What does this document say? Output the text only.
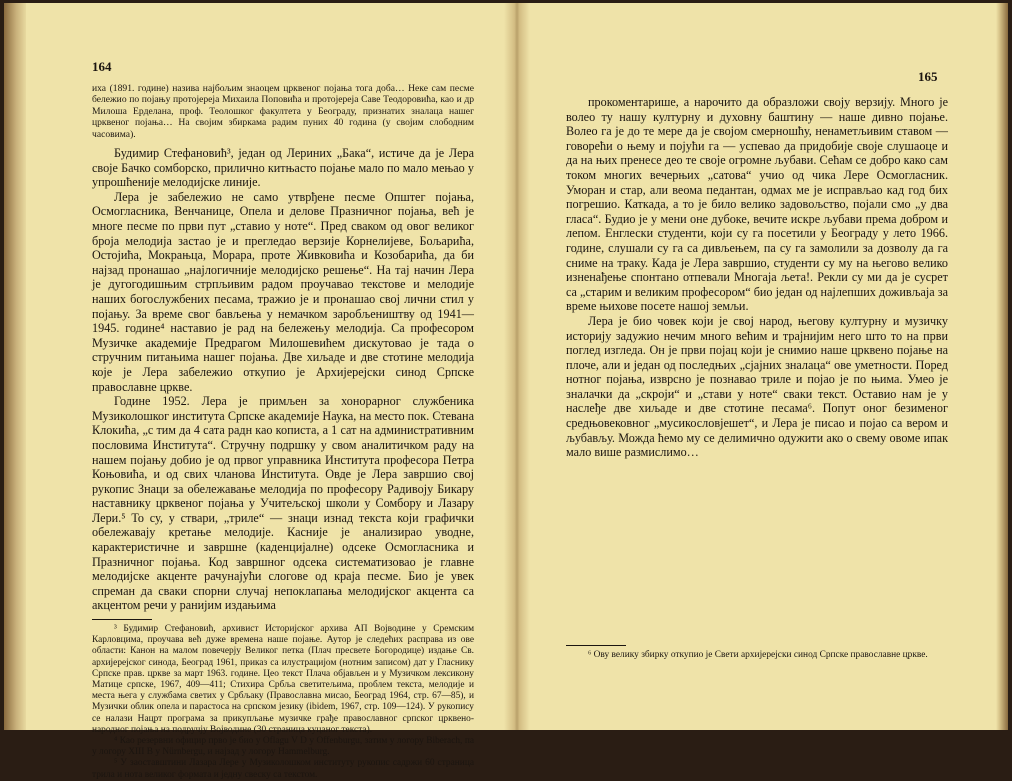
164

иха (1891. године) назива најбољим знаоцем црквеног појања тога доба… Неке сам песме бележио по појању протојереја Михаила Поповића и протојереја Саве Теодоровића, као и др Милоша Ерделана, проф. Теолошког факултета у Београду, признатих зналаца нашег црквеног појања… На својим збиркама радим пуних 40 година (у својим слободним часовима).

Будимир Стефановић³, један од Лериних „Бака“, истиче да је Лера своје Бачко сомборско, прилично китњасто појање мало по мало мењао у упрошћеније мелодијске линије.

Лера је забележио не само утврђене песме Општег појања, Осмогласника, Венчанице, Опела и делове Празничног појања, већ је многе песме по први пут „ставио у ноте“. Пред сваком од овог великог броја мелодија застао је и прегледао верзије Корнелијеве, Бољарића, Остојића, Мокрањца, Морара, проте Живковића и Козобарића, да би најзад пронашао „најлогичније мелодијско решење“. На тај начин Лера је дугогодишњим стрпљивим радом проучавао текстове и мелодије наших богослужбених песама, тражио је и пронашао свој лични стил у појању. За време свог бављења у немачком заробљеништву од 1941—1945. године⁴ наставио је рад на бележењу мелодија. Са професором Музичке академије Предрагом Милошевићем дискутовао је тада о стручним питањима нашег појања. Две хиљаде и две стотине мелодија које је Лера забележио откупио је Архијерејски синод Српске православне цркве.

Године 1952. Лера је примљен за хонорарног службеника Музиколошког института Српске академије Наука, на место пок. Стевана Клокића, „с тим да 4 сата радн као кописта, а 1 сат на административним пословима Института“. Стручну подршку у свом аналитичком раду на нашем појању добио је од првог управника Института професора Петра Коњовића, и од свих чланова Института. Овде је Лера завршио свој рукопис Знаци за обележавање мелодија по професору Радивоју Бикару наставнику црквеног појања у Учитељској школи у Сомбору и Лазару Лери.⁵ То су, у ствари, „триле“ — знаци изнад текста који графички обележавају кретање мелодије. Касније је анализирао уводне, карактеристичне и завршне (каденцијалне) одсеке Осмогласника и Празничног појања. Код завршног одсека систематизовао је главне мелодијске акценте рачунајући слогове од краја песме. Био је увек спреман да сваки спорни случај непоклапања мелодијског акцента са акцентом речи у ранијим издањима

³ Будимир Стефановић, архивист Историјског архива АП Војводине у Сремским Карловцима, проучава већ дуже времена наше појање. Аутор је следећих расправа из ове области: Канон на малом повечерју Великог петка (Плач пресвете Богородице) издање Св. архијерејског синода, Београд 1961, приказ са илустрацијом (нотним записом) дат у Гласнику Српске прав. цркве за март 1963. године. Цео текст Плача објављен и у Музичком лексикону Матице српске, 1967, 409—411; Стихира Србља светитељима, проблем текста, мелодије и места њега у службама светих у Србљаку (Православна мисао, Београд 1964, стр. 67—85), и Музички облик опела и парастоса на српском језику (ibidem, 1967, стр. 109—124). У рукопису се налази Нацрт програма за прикупљање музичке грађе православног српског црквено-народног појања на подручју Војводине (30 страница куцаног текста).

⁴ Као резервни официр прво је био у Oflagu V D у Offenburgu, затим у логору Biberach, па у логору XIII B у Nürnbergu, и најзад у логору Hammelburg.

⁵ У заоставштини Лазара Лере у Музиколошком институту рукопис садржи 60 страница трила и нота великог формата и једну свеску са текстом.

165

прокоментарише, а нарочито да образложи своју верзију. Много је волео ту нашу културну и духовну баштину — наше дивно појање. Волео га је до те мере да је својом смерношћу, ненаметљивим ставом — говорећи о њему и појући га — успевао да придобије своје слушаоце и да на њих пренесе део те своје огромне љубави. Сећам се добро како сам током многих вечерњих „сатова“ учио од чика Лере Осмогласник. Уморан и стар, али веома педантан, одмах ме је исправљао кад год бих погрешио. Каткада, а то је било велико задовољство, појали смо „у два гласа“. Будио је у мени оне дубоке, вечите искре љубави према добром и лепом. Енглески студенти, који су га посетили у Београду у лето 1966. године, слушали су га са дивљењем, па су га замолили за дозволу да га сниме на траку. Када је Лера завршио, студенти су му на његово велико изненађење спонтано отпевали Многаја љета!. Рекли су ми да је сусрет са „старим и великим професором“ био један од најлепших доживљаја за време њихове посете нашој земљи.

Лера је био човек који је свој народ, његову културну и музичку историју задужио нечим много већим и трајнијим него што то на први поглед изгледа. Он је први појац који је снимио наше црквено појање на плоче, али и један од последњих „сјајних зналаца“ ове уметности. Поред нотног појања, изврсно је познавао триле и појао је по њима. Умео је зналачки да „скроји“ и „стави у ноте“ сваки текст. Оставио нам је у наслеђе две хиљаде и две стотине песама⁶. Попут оног безименог средњовековног „мусикословјешет“, и Лера је писао и појао са вером и љубављу. Можда ћемо му се делимично одужити ако о свему овоме ипак мало више размислимо…

⁶ Ову велику збирку откупио је Свети архијерејски синод Српске православне цркве.
